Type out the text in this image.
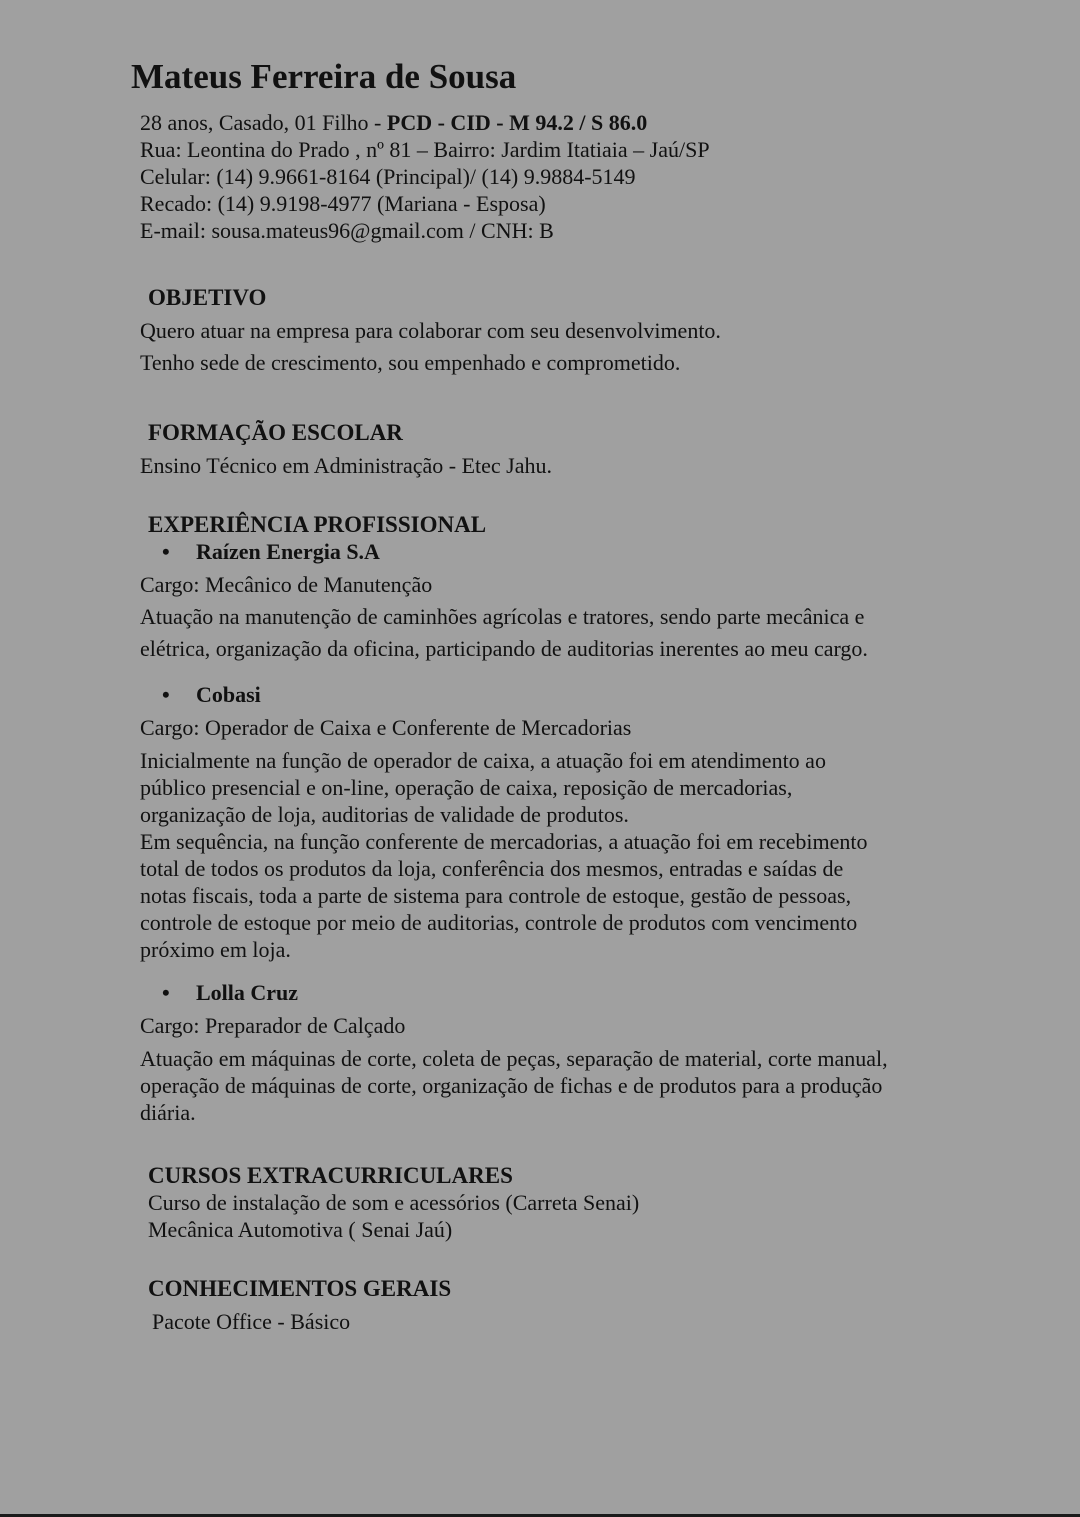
Mateus Ferreira de Sousa
28 anos, Casado, 01 Filho - PCD - CID - M 94.2 / S 86.0
Rua: Leontina do Prado , nº 81 – Bairro: Jardim Itatiaia – Jaú/SP
Celular: (14) 9.9661-8164 (Principal)/ (14) 9.9884-5149
Recado: (14) 9.9198-4977 (Mariana - Esposa)
E-mail: sousa.mateus96@gmail.com / CNH: B
OBJETIVO
Quero atuar na empresa para colaborar com seu desenvolvimento.
Tenho sede de crescimento, sou empenhado e comprometido.
FORMAÇÃO ESCOLAR
Ensino Técnico em Administração - Etec Jahu.
EXPERIÊNCIA PROFISSIONAL
• Raízen Energia S.A
Cargo: Mecânico de Manutenção
Atuação na manutenção de caminhões agrícolas e tratores, sendo parte mecânica e
elétrica, organização da oficina, participando de auditorias inerentes ao meu cargo.
• Cobasi
Cargo: Operador de Caixa e Conferente de Mercadorias
Inicialmente na função de operador de caixa, a atuação foi em atendimento ao
público presencial e on-line, operação de caixa, reposição de mercadorias,
organização de loja, auditorias de validade de produtos.
Em sequência, na função conferente de mercadorias, a atuação foi em recebimento
total de todos os produtos da loja, conferência dos mesmos, entradas e saídas de
notas fiscais, toda a parte de sistema para controle de estoque, gestão de pessoas,
controle de estoque por meio de auditorias, controle de produtos com vencimento
próximo em loja.
• Lolla Cruz
Cargo: Preparador de Calçado
Atuação em máquinas de corte, coleta de peças, separação de material, corte manual,
operação de máquinas de corte, organização de fichas e de produtos para a produção
diária.
CURSOS EXTRACURRICULARES
Curso de instalação de som e acessórios (Carreta Senai)
Mecânica Automotiva ( Senai Jaú)
CONHECIMENTOS GERAIS
Pacote Office - Básico
